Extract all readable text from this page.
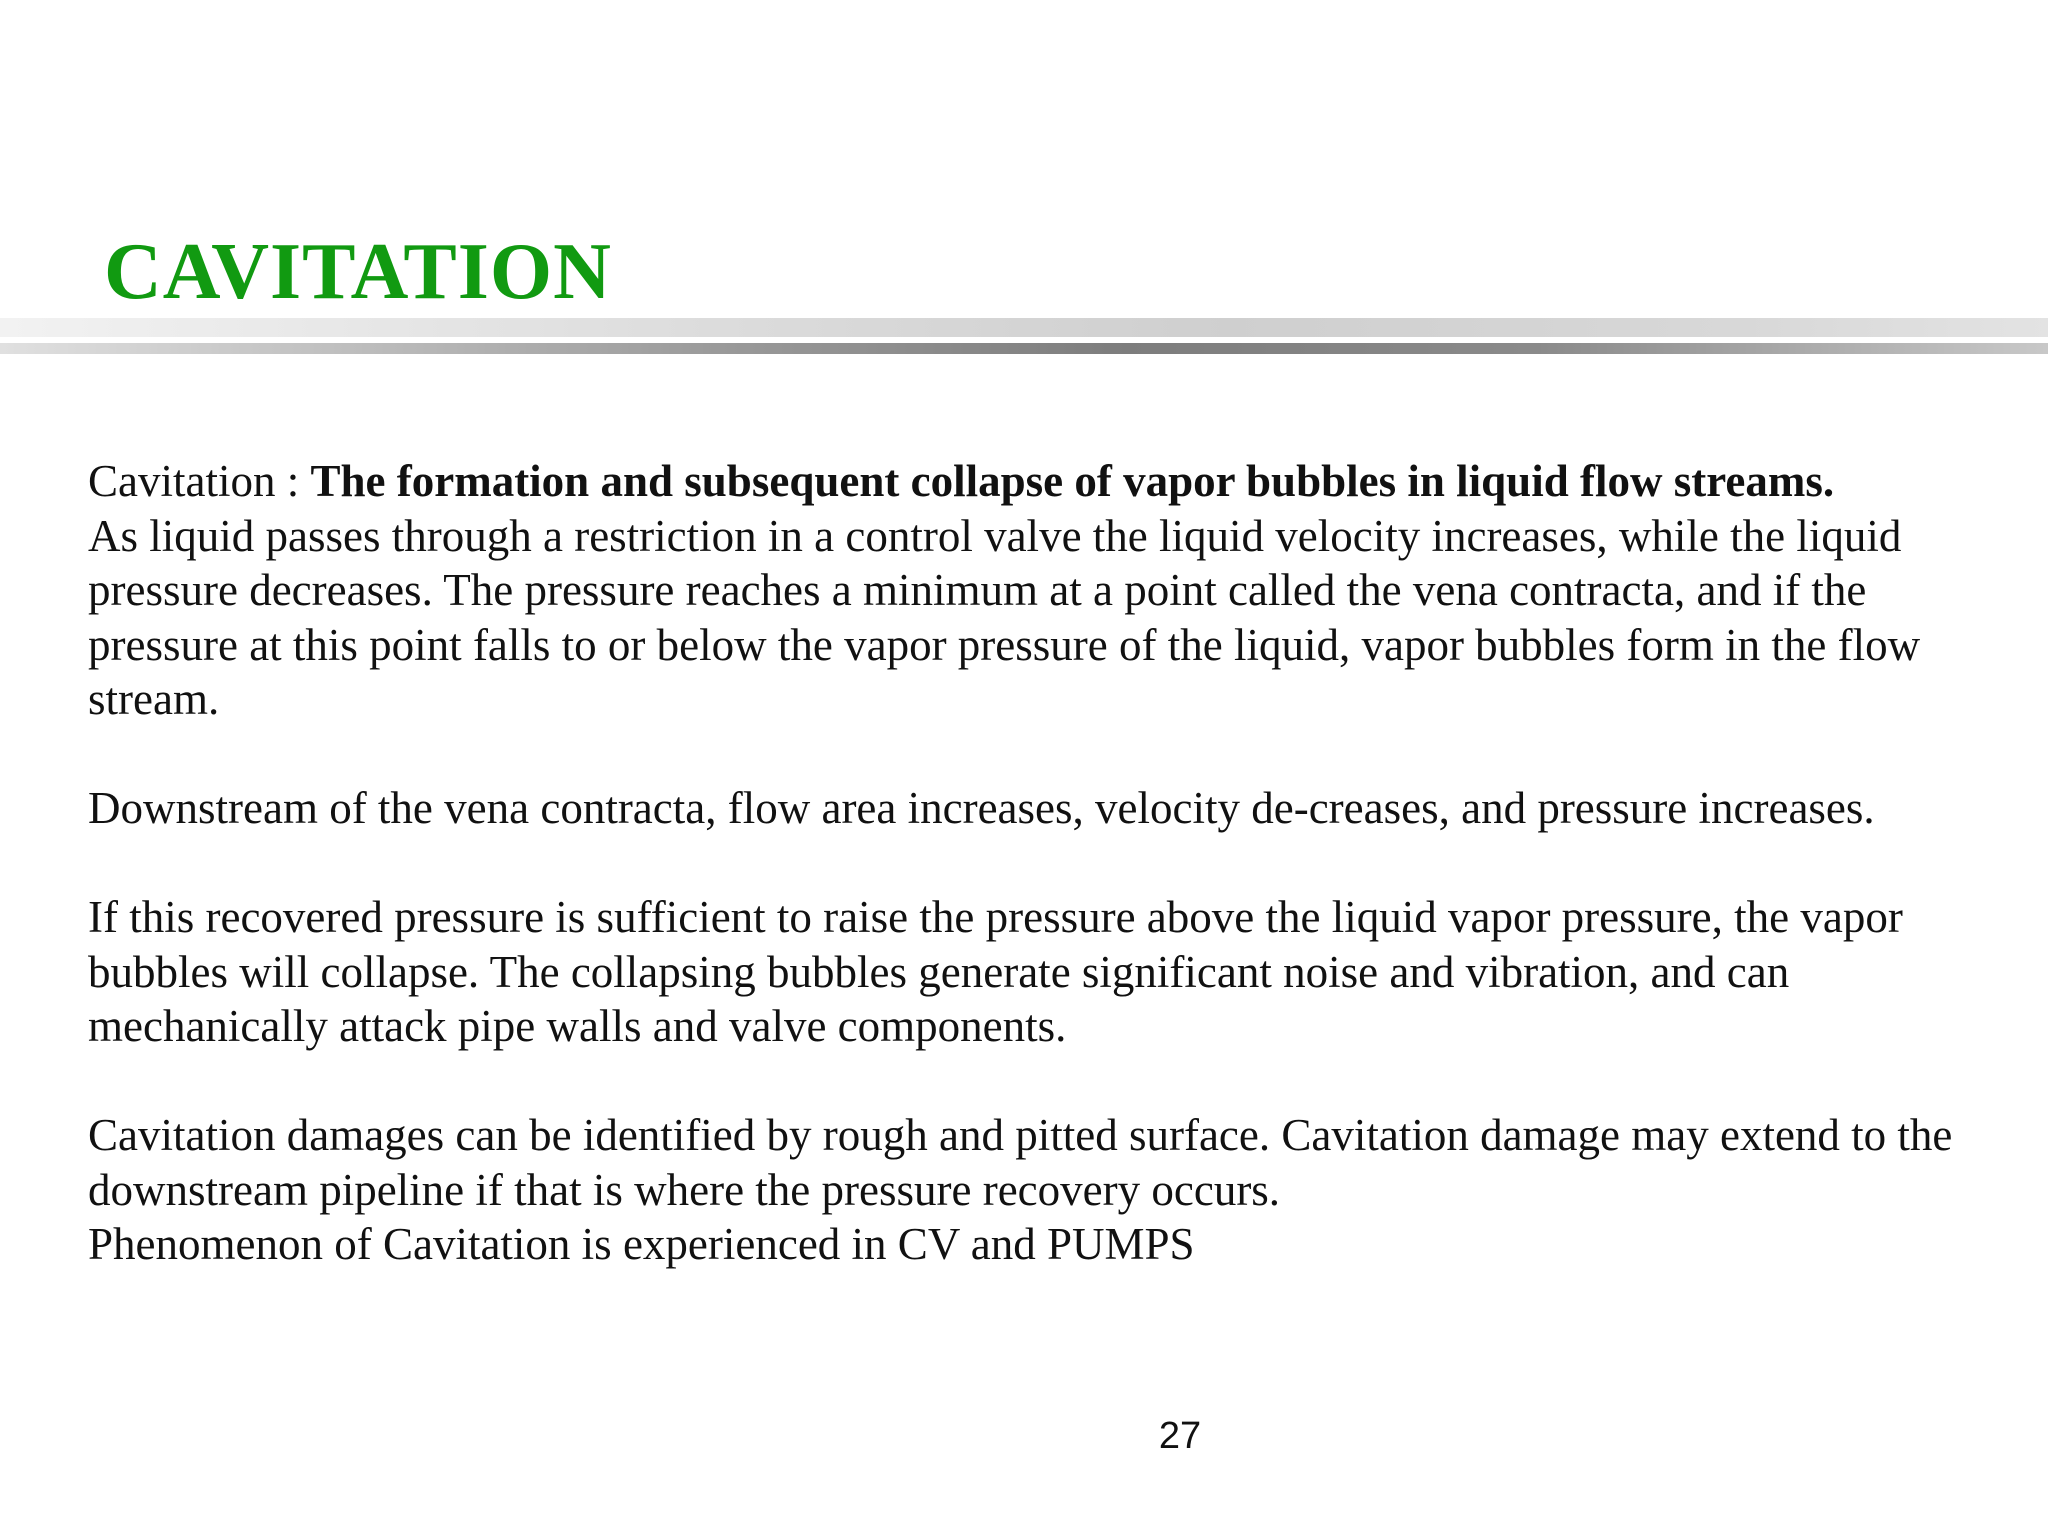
CAVITATION

Cavitation : The formation and subsequent collapse of vapor bubbles in liquid flow streams.

As liquid passes through a restriction in a control valve the liquid velocity increases, while the liquid pressure decreases. The pressure reaches a minimum at a point called the vena contracta, and if the pressure at this point falls to or below the vapor pressure of the liquid, vapor bubbles form in the flow stream.

Downstream of the vena contracta, flow area increases, velocity de-creases, and pressure increases.

If this recovered pressure is sufficient to raise the pressure above the liquid vapor pressure, the vapor bubbles will collapse. The collapsing bubbles generate significant noise and vibration, and can mechanically attack pipe walls and valve components.

Cavitation damages can be identified by rough and pitted surface. Cavitation damage may extend to the downstream pipeline if that is where the pressure recovery occurs.

Phenomenon of Cavitation is experienced in CV and PUMPS

27
